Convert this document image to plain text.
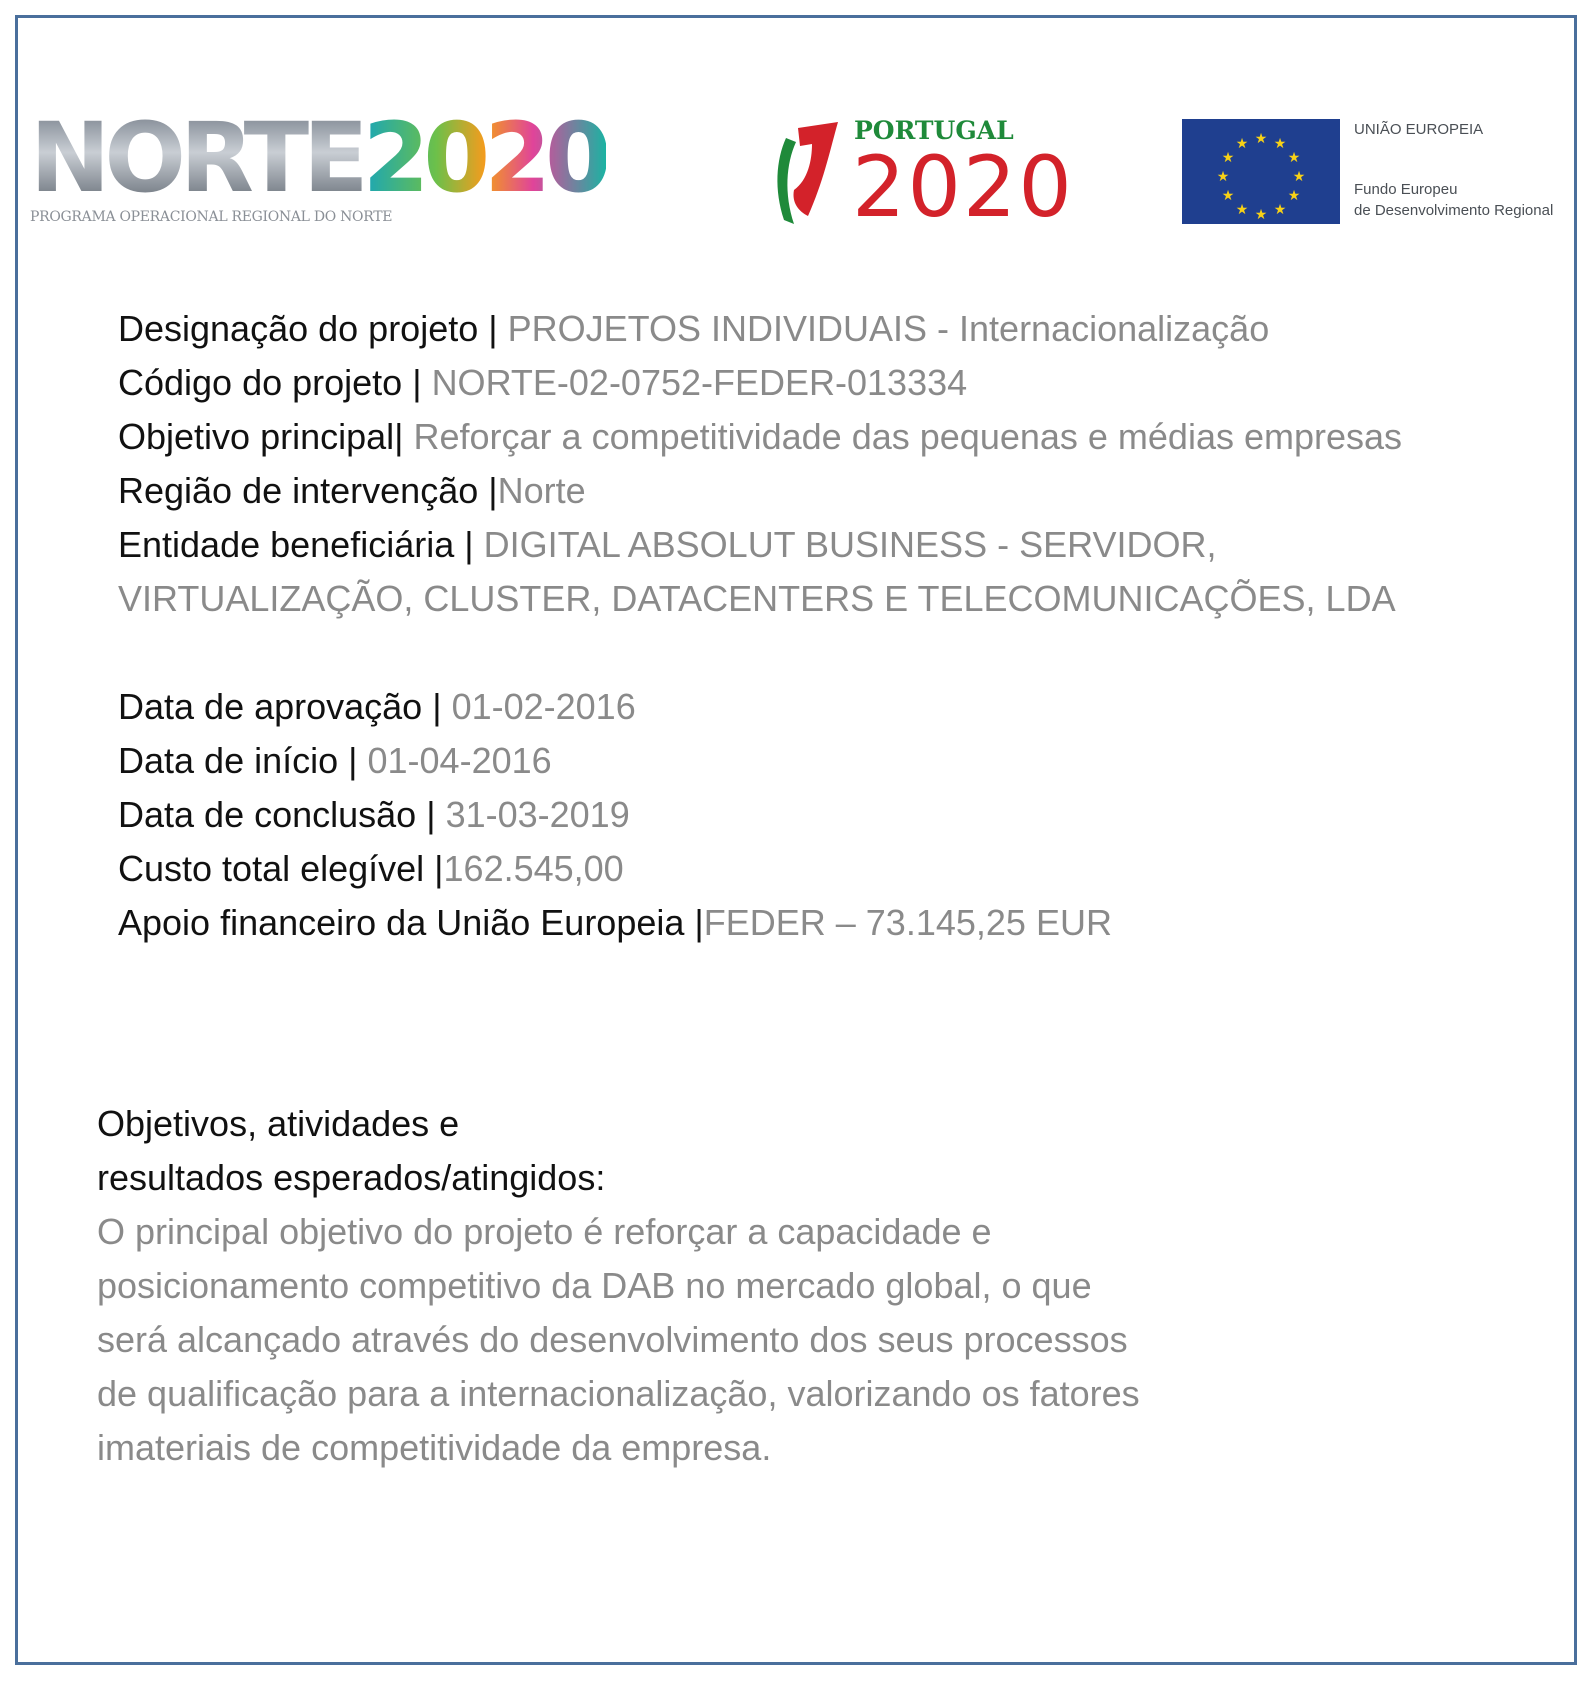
NORTE2020
PROGRAMA OPERACIONAL REGIONAL DO NORTE
PORTUGAL
2020	★ ★
★
★
★
★
★
★
★
★
★
★
UNIÃO EUROPEIA
Fundo Europeu
de Desenvolvimento Regional

Designação do projeto | PROJETOS INDIVIDUAIS - Internacionalização

Código do projeto | NORTE-02-0752-FEDER-013334

Objetivo principal| Reforçar a competitividade das pequenas e médias empresas

Região de intervenção |Norte

Entidade beneficiária | DIGITAL ABSOLUT BUSINESS - SERVIDOR, VIRTUALIZAÇÃO, CLUSTER, DATACENTERS E TELECOMUNICAÇÕES, LDA

Data de aprovação | 01-02-2016

Data de início | 01-04-2016

Data de conclusão | 31-03-2019

Custo total elegível |162.545,00

Apoio financeiro da União Europeia |FEDER – 73.145,25 EUR

Objetivos, atividades e

resultados esperados/atingidos:

O principal objetivo do projeto é reforçar a capacidade e posicionamento competitivo da DAB no mercado global, o que será alcançado através do desenvolvimento dos seus processos de qualificação para a internacionalização, valorizando os fatores imateriais de competitividade da empresa.
